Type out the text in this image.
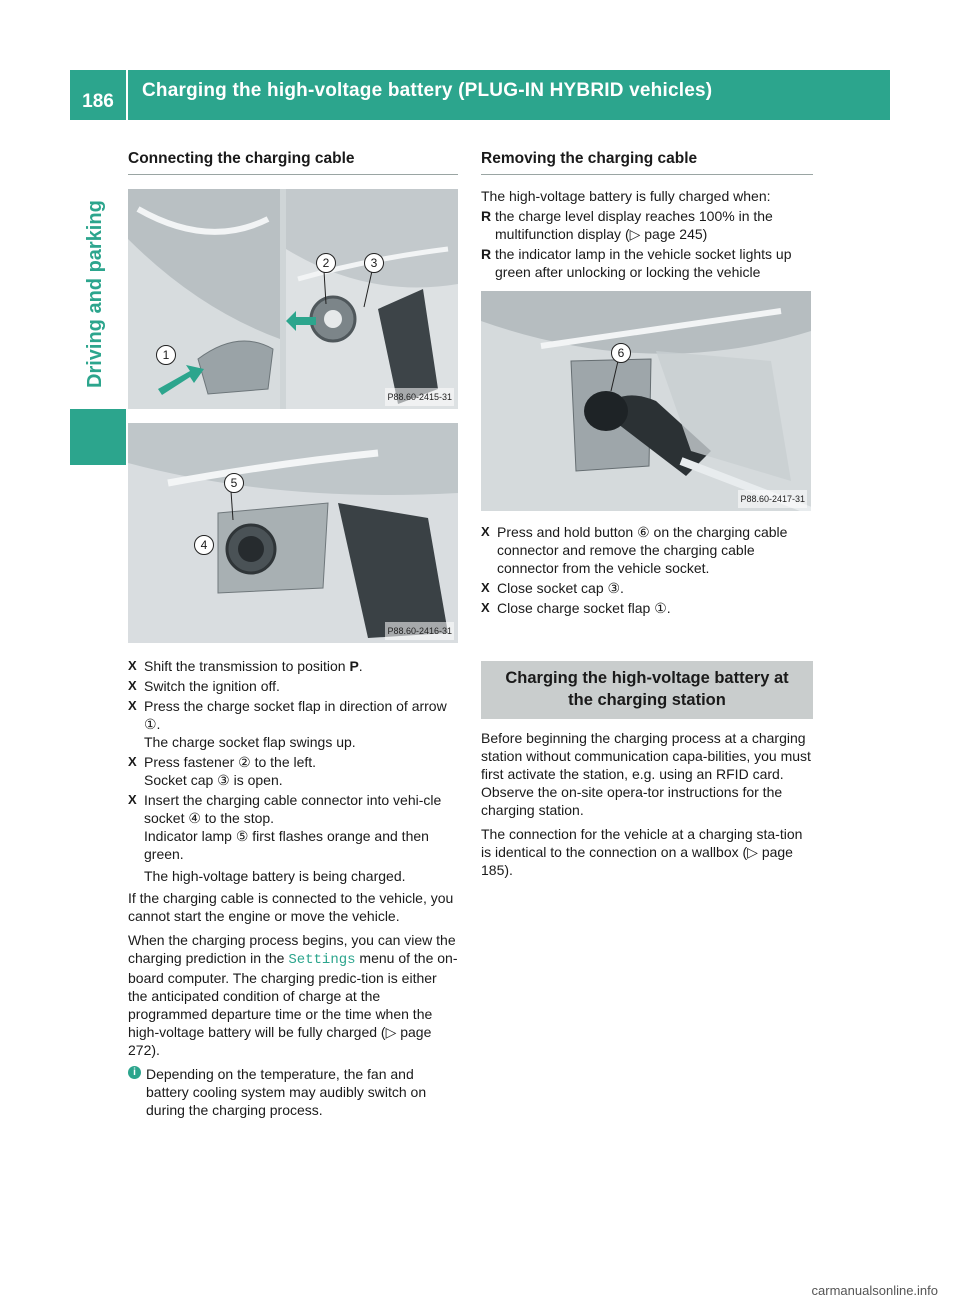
186
Charging the high-voltage battery (PLUG-IN HYBRID vehicles)
Driving and parking
Connecting the charging cable
1
2	3
P88.60-2415-31
4
5
P88.60-2416-31
X Shift the transmission to position P.
X Switch the ignition off.
X Press the charge socket flap in direction of arrow ①.
The charge socket flap swings up.
X Press fastener ② to the left.
Socket cap ③ is open.
X Insert the charging cable connector into vehi-cle socket ④ to the stop.
Indicator lamp ⑤ first flashes orange and then green.
The high-voltage battery is being charged.

If the charging cable is connected to the vehicle, you cannot start the engine or move the vehicle.

When the charging process begins, you can view the charging prediction in the Settings menu of the on-board computer. The charging predic-tion is either the anticipated condition of charge at the programmed departure time or the time when the high-voltage battery will be fully charged (▷ page 272).

i Depending on the temperature, the fan and battery cooling system may audibly switch on during the charging process.
Removing the charging cable

The high-voltage battery is fully charged when:

R the charge level display reaches 100% in the multifunction display (▷ page 245)
R the indicator lamp in the vehicle socket lights up green after unlocking or locking the vehicle
6
P88.60-2417-31
X Press and hold button ⑥ on the charging cable connector and remove the charging cable connector from the vehicle socket.
X Close socket cap ③.
X Close charge socket flap ①.
Charging the high-voltage battery at the charging station

Before beginning the charging process at a charging station without communication capa-bilities, you must first activate the station, e.g. using an RFID card. Observe the on-site opera-tor instructions for the charging station.

The connection for the vehicle at a charging sta-tion is identical to the connection on a wallbox (▷ page 185).

carmanualsonline.info
